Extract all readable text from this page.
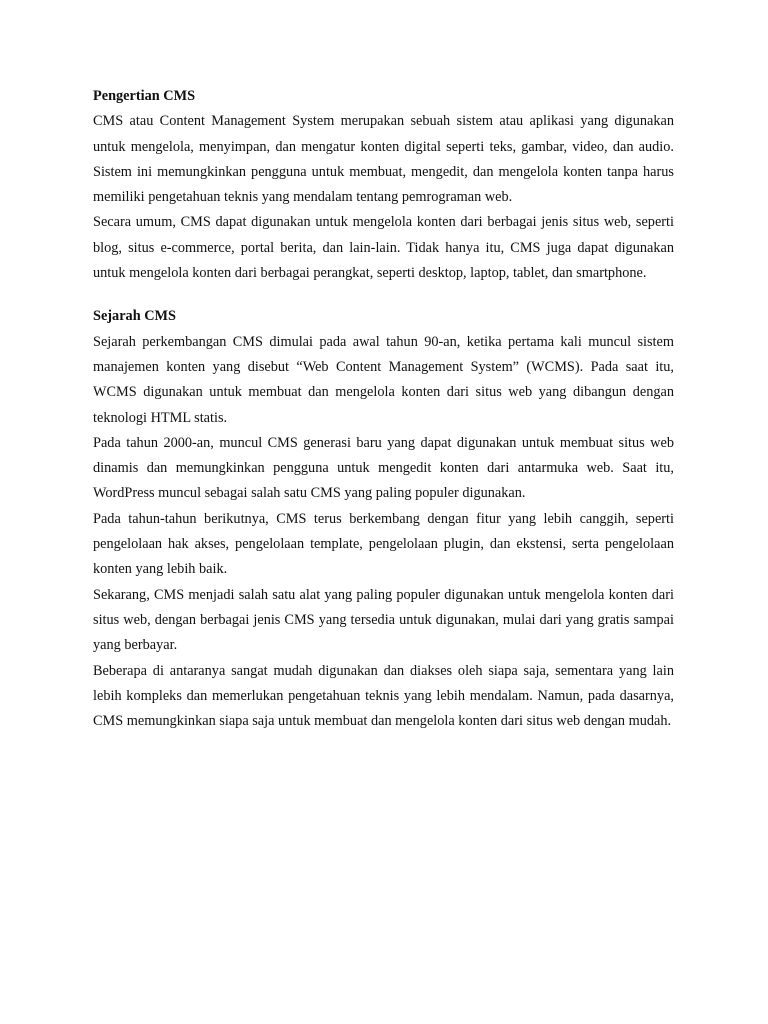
Pengertian CMS

CMS atau Content Management System merupakan sebuah sistem atau aplikasi yang digunakan untuk mengelola, menyimpan, dan mengatur konten digital seperti teks, gambar, video, dan audio. Sistem ini memungkinkan pengguna untuk membuat, mengedit, dan mengelola konten tanpa harus memiliki pengetahuan teknis yang mendalam tentang pemrograman web.

Secara umum, CMS dapat digunakan untuk mengelola konten dari berbagai jenis situs web, seperti blog, situs e-commerce, portal berita, dan lain-lain. Tidak hanya itu, CMS juga dapat digunakan untuk mengelola konten dari berbagai perangkat, seperti desktop, laptop, tablet, dan smartphone.

Sejarah CMS

Sejarah perkembangan CMS dimulai pada awal tahun 90-an, ketika pertama kali muncul sistem manajemen konten yang disebut “Web Content Management System” (WCMS). Pada saat itu, WCMS digunakan untuk membuat dan mengelola konten dari situs web yang dibangun dengan teknologi HTML statis.

Pada tahun 2000-an, muncul CMS generasi baru yang dapat digunakan untuk membuat situs web dinamis dan memungkinkan pengguna untuk mengedit konten dari antarmuka web. Saat itu, WordPress muncul sebagai salah satu CMS yang paling populer digunakan.

Pada tahun-tahun berikutnya, CMS terus berkembang dengan fitur yang lebih canggih, seperti pengelolaan hak akses, pengelolaan template, pengelolaan plugin, dan ekstensi, serta pengelolaan konten yang lebih baik.

Sekarang, CMS menjadi salah satu alat yang paling populer digunakan untuk mengelola konten dari situs web, dengan berbagai jenis CMS yang tersedia untuk digunakan, mulai dari yang gratis sampai yang berbayar.

Beberapa di antaranya sangat mudah digunakan dan diakses oleh siapa saja, sementara yang lain lebih kompleks dan memerlukan pengetahuan teknis yang lebih mendalam. Namun, pada dasarnya, CMS memungkinkan siapa saja untuk membuat dan mengelola konten dari situs web dengan mudah.
